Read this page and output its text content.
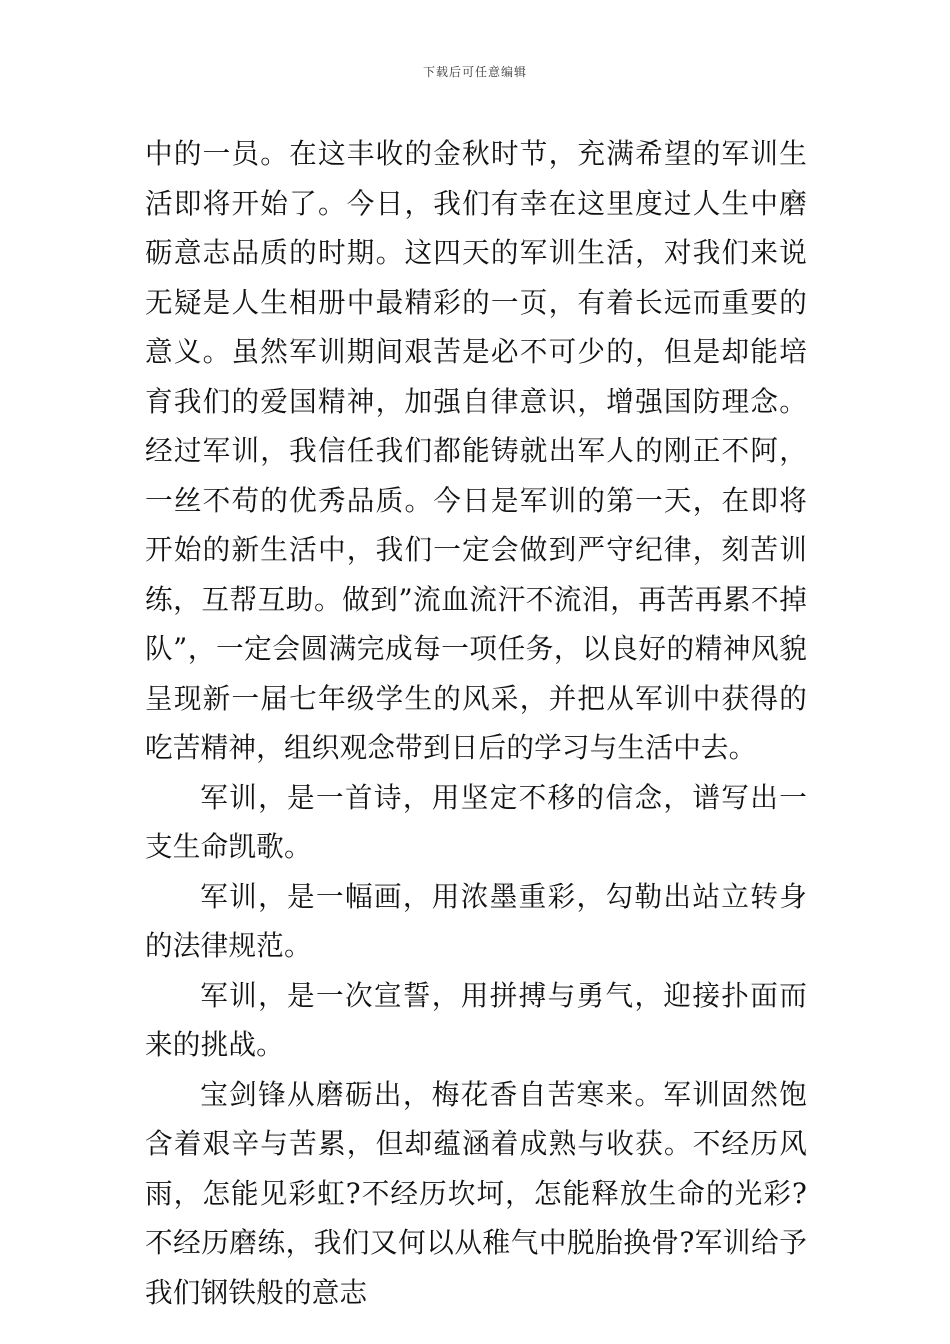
下载后可任意编辑

中的一员。在这丰收的金秋时节，充满希望的军训生活即将开始了。今日，我们有幸在这里度过人生中磨砺意志品质的时期。这四天的军训生活，对我们来说无疑是人生相册中最精彩的一页，有着长远而重要的意义。虽然军训期间艰苦是必不可少的，但是却能培育我们的爱国精神，加强自律意识，增强国防理念。经过军训，我信任我们都能铸就出军人的刚正不阿，一丝不苟的优秀品质。今日是军训的第一天，在即将开始的新生活中，我们一定会做到严守纪律，刻苦训练，互帮互助。做到”流血流汗不流泪，再苦再累不掉队”，一定会圆满完成每一项任务，以良好的精神风貌呈现新一届七年级学生的风采，并把从军训中获得的吃苦精神，组织观念带到日后的学习与生活中去。

军训，是一首诗，用坚定不移的信念，谱写出一支生命凯歌。

军训，是一幅画，用浓墨重彩，勾勒出站立转身的法律规范。

军训，是一次宣誓，用拼搏与勇气，迎接扑面而来的挑战。

宝剑锋从磨砺出，梅花香自苦寒来。军训固然饱含着艰辛与苦累，但却蕴涵着成熟与收获。不经历风雨，怎能见彩虹?不经历坎坷，怎能释放生命的光彩?不经历磨练，我们又何以从稚气中脱胎换骨?军训给予我们钢铁般的意志
